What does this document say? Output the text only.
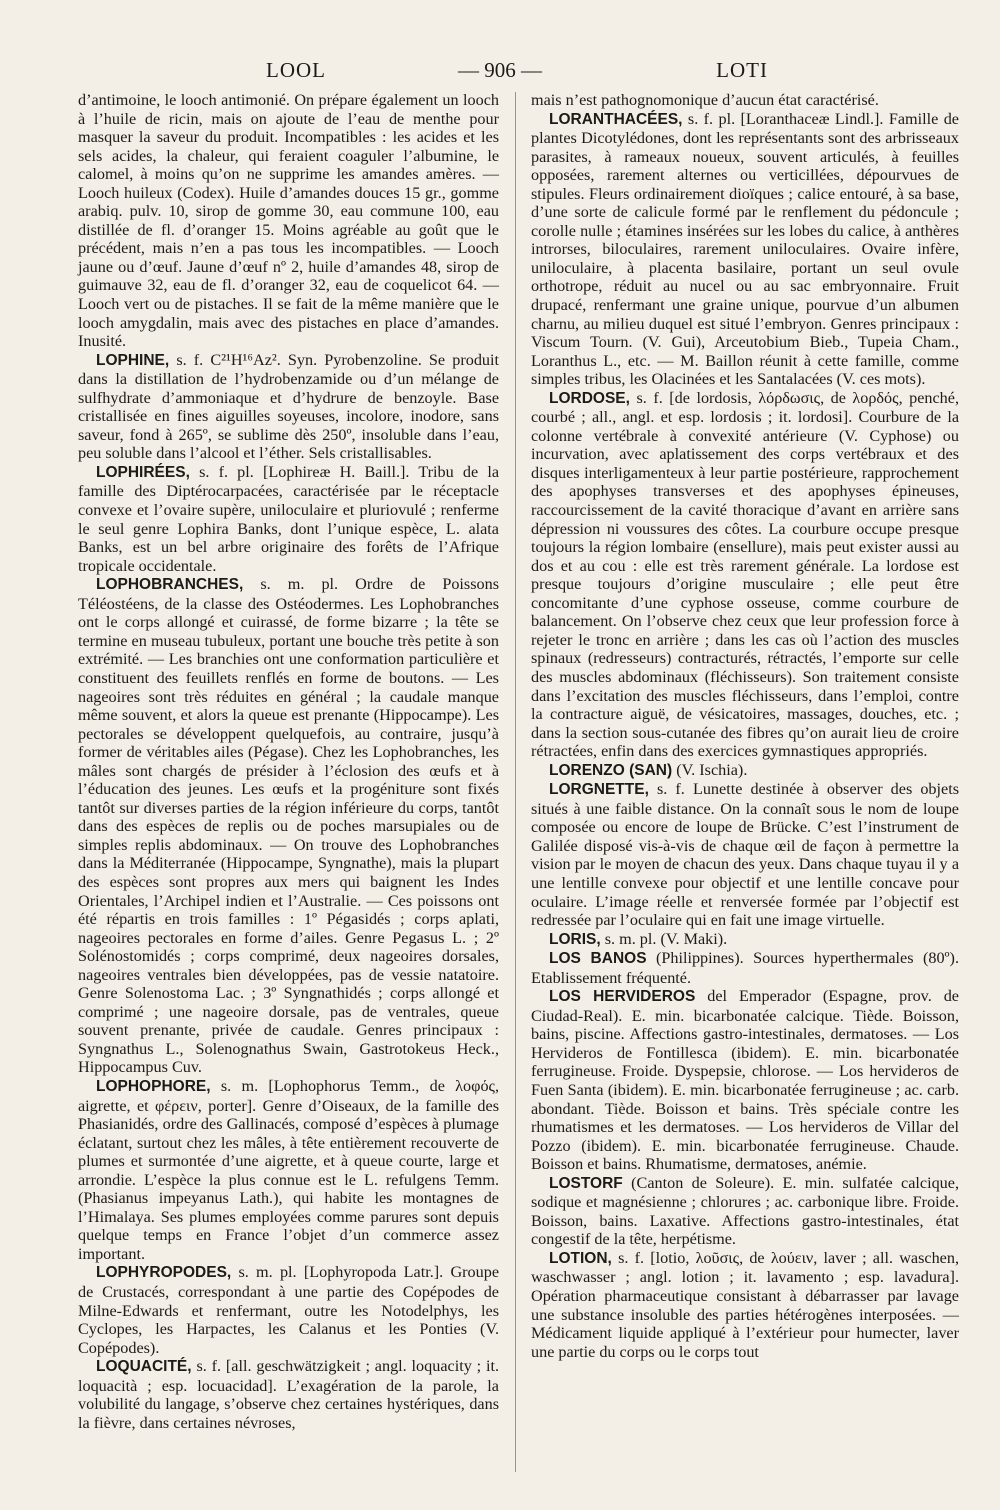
LOOL	— 906 —	LOTI

d’antimoine, le looch antimonié. On prépare également un looch à l’huile de ricin, mais on ajoute de l’eau de menthe pour masquer la saveur du produit. Incompatibles : les acides et les sels acides, la chaleur, qui feraient coaguler l’albumine, le calomel, à moins qu’on ne supprime les amandes amères. — Looch huileux (Codex). Huile d’amandes douces 15 gr., gomme arabiq. pulv. 10, sirop de gomme 30, eau commune 100, eau distillée de fl. d’oranger 15. Moins agréable au goût que le précédent, mais n’en a pas tous les incompatibles. — Looch jaune ou d’œuf. Jaune d’œuf nº 2, huile d’amandes 48, sirop de guimauve 32, eau de fl. d’oranger 32, eau de coquelicot 64. — Looch vert ou de pistaches. Il se fait de la même manière que le looch amygdalin, mais avec des pistaches en place d’amandes. Inusité.

LOPHINE, s. f. C²¹H¹⁶Az². Syn. Pyrobenzoline. Se produit dans la distillation de l’hydrobenzamide ou d’un mélange de sulfhydrate d’ammoniaque et d’hydrure de benzoyle. Base cristallisée en fines aiguilles soyeuses, incolore, inodore, sans saveur, fond à 265º, se sublime dès 250º, insoluble dans l’eau, peu soluble dans l’alcool et l’éther. Sels cristallisables.

LOPHIRÉES, s. f. pl. [Lophireæ H. Baill.]. Tribu de la famille des Diptérocarpacées, caractérisée par le réceptacle convexe et l’ovaire supère, uniloculaire et pluriovulé ; renferme le seul genre Lophira Banks, dont l’unique espèce, L. alata Banks, est un bel arbre originaire des forêts de l’Afrique tropicale occidentale.

LOPHOBRANCHES, s. m. pl. Ordre de Poissons Téléostéens, de la classe des Ostéodermes. Les Lophobranches ont le corps allongé et cuirassé, de forme bizarre ; la tête se termine en museau tubuleux, portant une bouche très petite à son extrémité. — Les branchies ont une conformation particulière et constituent des feuillets renflés en forme de boutons. — Les nageoires sont très réduites en général ; la caudale manque même souvent, et alors la queue est prenante (Hippocampe). Les pectorales se développent quelquefois, au contraire, jusqu’à former de véritables ailes (Pégase). Chez les Lophobranches, les mâles sont chargés de présider à l’éclosion des œufs et à l’éducation des jeunes. Les œufs et la progéniture sont fixés tantôt sur diverses parties de la région inférieure du corps, tantôt dans des espèces de replis ou de poches marsupiales ou de simples replis abdominaux. — On trouve des Lophobranches dans la Méditerranée (Hippocampe, Syngnathe), mais la plupart des espèces sont propres aux mers qui baignent les Indes Orientales, l’Archipel indien et l’Australie. — Ces poissons ont été répartis en trois familles : 1º Pégasidés ; corps aplati, nageoires pectorales en forme d’ailes. Genre Pegasus L. ; 2º Solénostomidés ; corps comprimé, deux nageoires dorsales, nageoires ventrales bien développées, pas de vessie natatoire. Genre Solenostoma Lac. ; 3º Syngnathidés ; corps allongé et comprimé ; une nageoire dorsale, pas de ventrales, queue souvent prenante, privée de caudale. Genres principaux : Syngnathus L., Solenognathus Swain, Gastrotokeus Heck., Hippocampus Cuv.

LOPHOPHORE, s. m. [Lophophorus Temm., de λοφός, aigrette, et φέρειν, porter]. Genre d’Oiseaux, de la famille des Phasianidés, ordre des Gallinacés, composé d’espèces à plumage éclatant, surtout chez les mâles, à tête entièrement recouverte de plumes et surmontée d’une aigrette, et à queue courte, large et arrondie. L’espèce la plus connue est le L. refulgens Temm. (Phasianus impeyanus Lath.), qui habite les montagnes de l’Himalaya. Ses plumes employées comme parures sont depuis quelque temps en France l’objet d’un commerce assez important.

LOPHYROPODES, s. m. pl. [Lophyropoda Latr.]. Groupe de Crustacés, correspondant à une partie des Copépodes de Milne-Edwards et renfermant, outre les Notodelphys, les Cyclopes, les Harpactes, les Calanus et les Ponties (V. Copépodes).

LOQUACITÉ, s. f. [all. geschwätzigkeit ; angl. loquacity ; it. loquacità ; esp. locuacidad]. L’exagération de la parole, la volubilité du langage, s’observe chez certaines hystériques, dans la fièvre, dans certaines névroses,

mais n’est pathognomonique d’aucun état caractérisé.

LORANTHACÉES, s. f. pl. [Loranthaceæ Lindl.]. Famille de plantes Dicotylédones, dont les représentants sont des arbrisseaux parasites, à rameaux noueux, souvent articulés, à feuilles opposées, rarement alternes ou verticillées, dépourvues de stipules. Fleurs ordinairement dioïques ; calice entouré, à sa base, d’une sorte de calicule formé par le renflement du pédoncule ; corolle nulle ; étamines insérées sur les lobes du calice, à anthères introrses, biloculaires, rarement uniloculaires. Ovaire infère, uniloculaire, à placenta basilaire, portant un seul ovule orthotrope, réduit au nucel ou au sac embryonnaire. Fruit drupacé, renfermant une graine unique, pourvue d’un albumen charnu, au milieu duquel est situé l’embryon. Genres principaux : Viscum Tourn. (V. Gui), Arceutobium Bieb., Tupeia Cham., Loranthus L., etc. — M. Baillon réunit à cette famille, comme simples tribus, les Olacinées et les Santalacées (V. ces mots).

LORDOSE, s. f. [de lordosis, λόρδωσις, de λορδός, penché, courbé ; all., angl. et esp. lordosis ; it. lordosi]. Courbure de la colonne vertébrale à convexité antérieure (V. Cyphose) ou incurvation, avec aplatissement des corps vertébraux et des disques interligamenteux à leur partie postérieure, rapprochement des apophyses transverses et des apophyses épineuses, raccourcissement de la cavité thoracique d’avant en arrière sans dépression ni voussures des côtes. La courbure occupe presque toujours la région lombaire (ensellure), mais peut exister aussi au dos et au cou : elle est très rarement générale. La lordose est presque toujours d’origine musculaire ; elle peut être concomitante d’une cyphose osseuse, comme courbure de balancement. On l’observe chez ceux que leur profession force à rejeter le tronc en arrière ; dans les cas où l’action des muscles spinaux (redresseurs) contracturés, rétractés, l’emporte sur celle des muscles abdominaux (fléchisseurs). Son traitement consiste dans l’excitation des muscles fléchisseurs, dans l’emploi, contre la contracture aiguë, de vésicatoires, massages, douches, etc. ; dans la section sous-cutanée des fibres qu’on aurait lieu de croire rétractées, enfin dans des exercices gymnastiques appropriés.

LORENZO (SAN) (V. Ischia).

LORGNETTE, s. f. Lunette destinée à observer des objets situés à une faible distance. On la connaît sous le nom de loupe composée ou encore de loupe de Brücke. C’est l’instrument de Galilée disposé vis-à-vis de chaque œil de façon à permettre la vision par le moyen de chacun des yeux. Dans chaque tuyau il y a une lentille convexe pour objectif et une lentille concave pour oculaire. L’image réelle et renversée formée par l’objectif est redressée par l’oculaire qui en fait une image virtuelle.

LORIS, s. m. pl. (V. Maki).

LOS BANOS (Philippines). Sources hyperthermales (80º). Etablissement fréquenté.

LOS HERVIDEROS del Emperador (Espagne, prov. de Ciudad-Real). E. min. bicarbonatée calcique. Tiède. Boisson, bains, piscine. Affections gastro-intestinales, dermatoses. — Los Hervideros de Fontillesca (ibidem). E. min. bicarbonatée ferrugineuse. Froide. Dyspepsie, chlorose. — Los hervideros de Fuen Santa (ibidem). E. min. bicarbonatée ferrugineuse ; ac. carb. abondant. Tiède. Boisson et bains. Très spéciale contre les rhumatismes et les dermatoses. — Los hervideros de Villar del Pozzo (ibidem). E. min. bicarbonatée ferrugineuse. Chaude. Boisson et bains. Rhumatisme, dermatoses, anémie.

LOSTORF (Canton de Soleure). E. min. sulfatée calcique, sodique et magnésienne ; chlorures ; ac. carbonique libre. Froide. Boisson, bains. Laxative. Affections gastro-intestinales, état congestif de la tête, herpétisme.

LOTION, s. f. [lotio, λοῦσις, de λούειν, laver ; all. waschen, waschwasser ; angl. lotion ; it. lavamento ; esp. lavadura]. Opération pharmaceutique consistant à débarrasser par lavage une substance insoluble des parties hétérogènes interposées. — Médicament liquide appliqué à l’extérieur pour humecter, laver une partie du corps ou le corps tout
